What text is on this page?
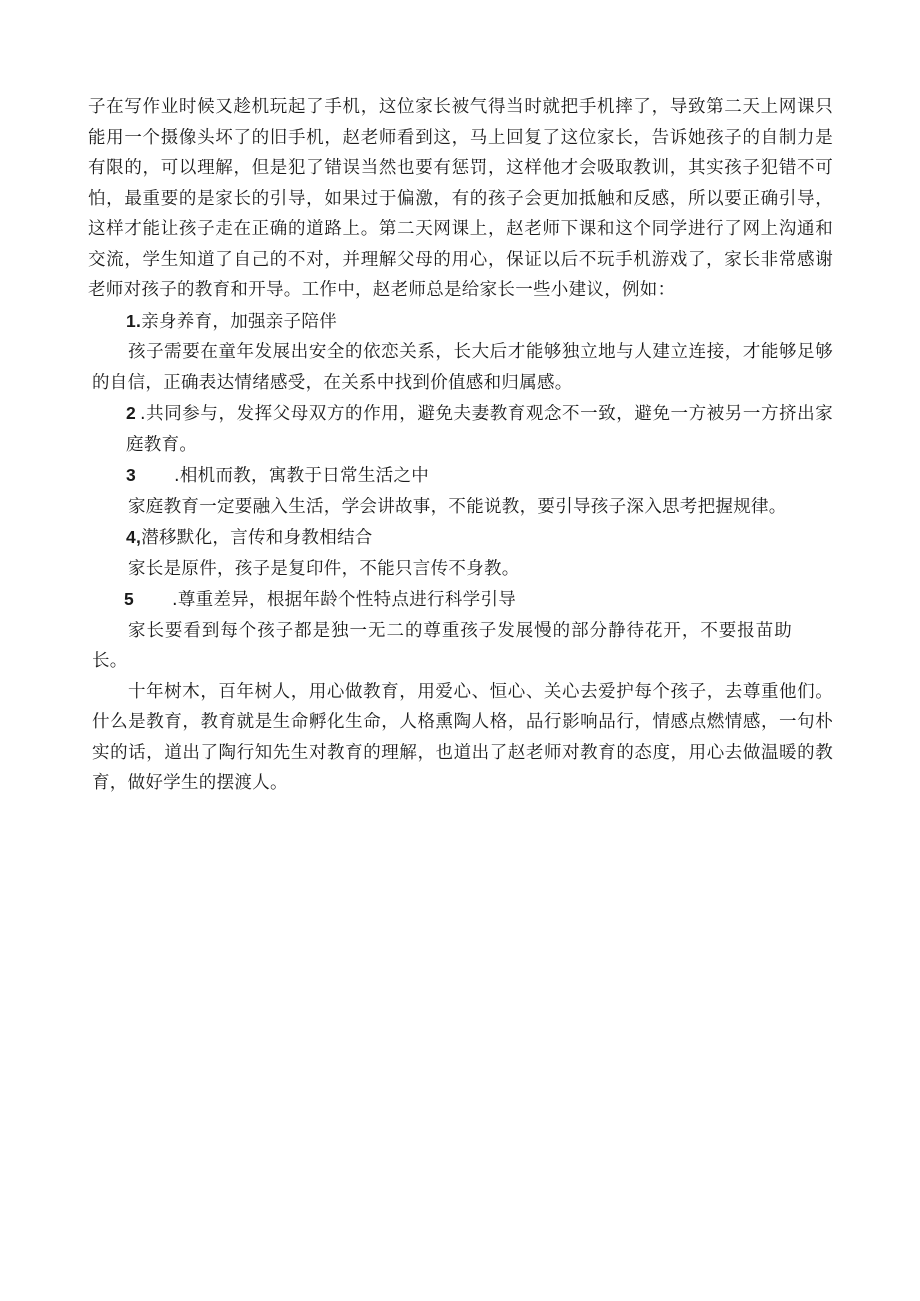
子在写作业时候又趁机玩起了手机，这位家长被气得当时就把手机摔了，导致第二天上网课只能用一个摄像头坏了的旧手机，赵老师看到这，马上回复了这位家长，告诉她孩子的自制力是有限的，可以理解，但是犯了错误当然也要有惩罚，这样他才会吸取教训，其实孩子犯错不可怕，最重要的是家长的引导，如果过于偏激，有的孩子会更加抵触和反感，所以要正确引导，这样才能让孩子走在正确的道路上。第二天网课上，赵老师下课和这个同学进行了网上沟通和交流，学生知道了自己的不对，并理解父母的用心，保证以后不玩手机游戏了，家长非常感谢老师对孩子的教育和开导。工作中，赵老师总是给家长一些小建议，例如：

1.亲身养育，加强亲子陪伴

孩子需要在童年发展出安全的依恋关系，长大后才能够独立地与人建立连接，才能够足够的自信，正确表达情绪感受，在关系中找到价值感和归属感。

2 .共同参与，发挥父母双方的作用，避免夫妻教育观念不一致，避免一方被另一方挤出家庭教育。

3 .相机而教，寓教于日常生活之中

家庭教育一定要融入生活，学会讲故事，不能说教，要引导孩子深入思考把握规律。

4,潜移默化，言传和身教相结合

家长是原件，孩子是复印件，不能只言传不身教。

5 .尊重差异，根据年龄个性特点进行科学引导

家长要看到每个孩子都是独一无二的尊重孩子发展慢的部分静待花开，不要报苗助长。

十年树木，百年树人，用心做教育，用爱心、恒心、关心去爱护每个孩子，去尊重他们。什么是教育，教育就是生命孵化生命，人格熏陶人格，品行影响品行，情感点燃情感，一句朴实的话，道出了陶行知先生对教育的理解，也道出了赵老师对教育的态度，用心去做温暖的教育，做好学生的摆渡人。
